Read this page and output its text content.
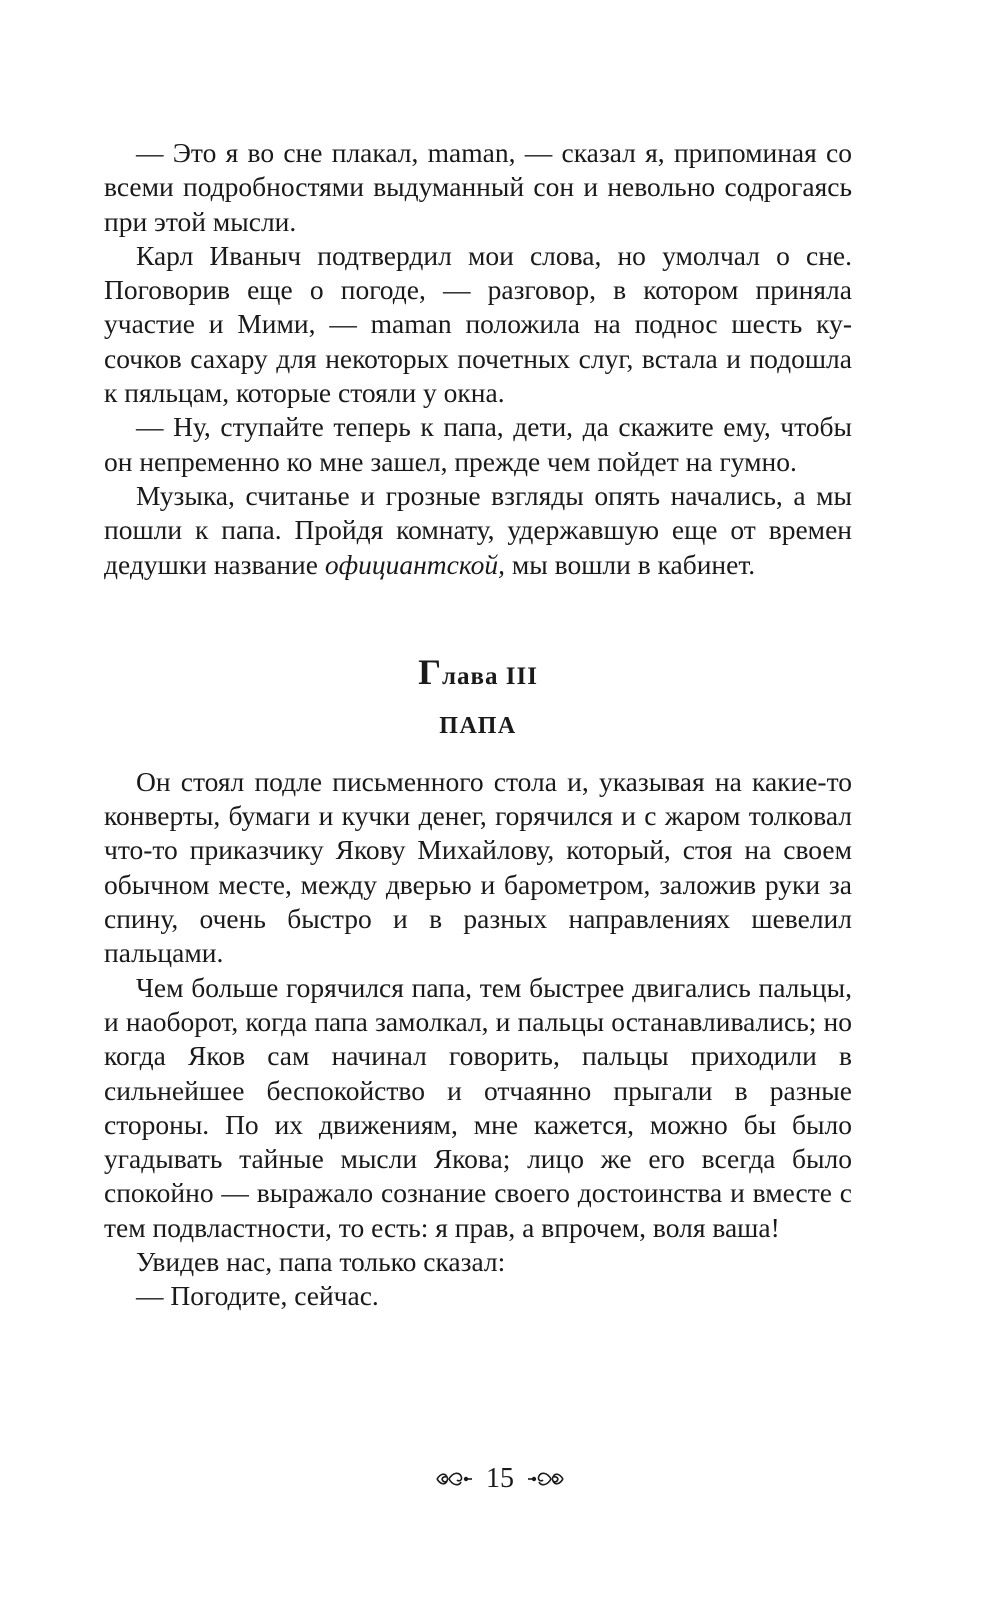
— Это я во сне плакал, maman, — сказал я, припоминая со всеми подробностями выдуманный сон и невольно содрогаясь при этой мысли.

Карл Иваныч подтвердил мои слова, но умолчал о сне. Поговорив еще о погоде, — разговор, в котором приняла участие и Мими, — maman положила на поднос шесть кусочков сахару для некоторых почетных слуг, встала и подошла к пяльцам, которые стояли у окна.

— Ну, ступайте теперь к папа, дети, да скажите ему, чтобы он непременно ко мне зашел, прежде чем пойдет на гумно.

Музыка, считанье и грозные взгляды опять начались, а мы пошли к папа. Пройдя комнату, удержавшую еще от времен дедушки название официантской, мы вошли в кабинет.

Глава III
ПАПА

Он стоял подле письменного стола и, указывая на какие-то конверты, бумаги и кучки денег, горячился и с жаром толковал что-то приказчику Якову Михайлову, который, стоя на своем обычном месте, между дверью и барометром, заложив руки за спину, очень быстро и в разных направлениях шевелил пальцами.

Чем больше горячился папа, тем быстрее двигались пальцы, и наоборот, когда папа замолкал, и пальцы останавливались; но когда Яков сам начинал говорить, пальцы приходили в сильнейшее беспокойство и отчаянно прыгали в разные стороны. По их движениям, мне кажется, можно бы было угадывать тайные мысли Якова; лицо же его всегда было спокойно — выражало сознание своего достоинства и вместе с тем подвластности, то есть: я прав, а впрочем, воля ваша!

Увидев нас, папа только сказал:

— Погодите, сейчас.

15
